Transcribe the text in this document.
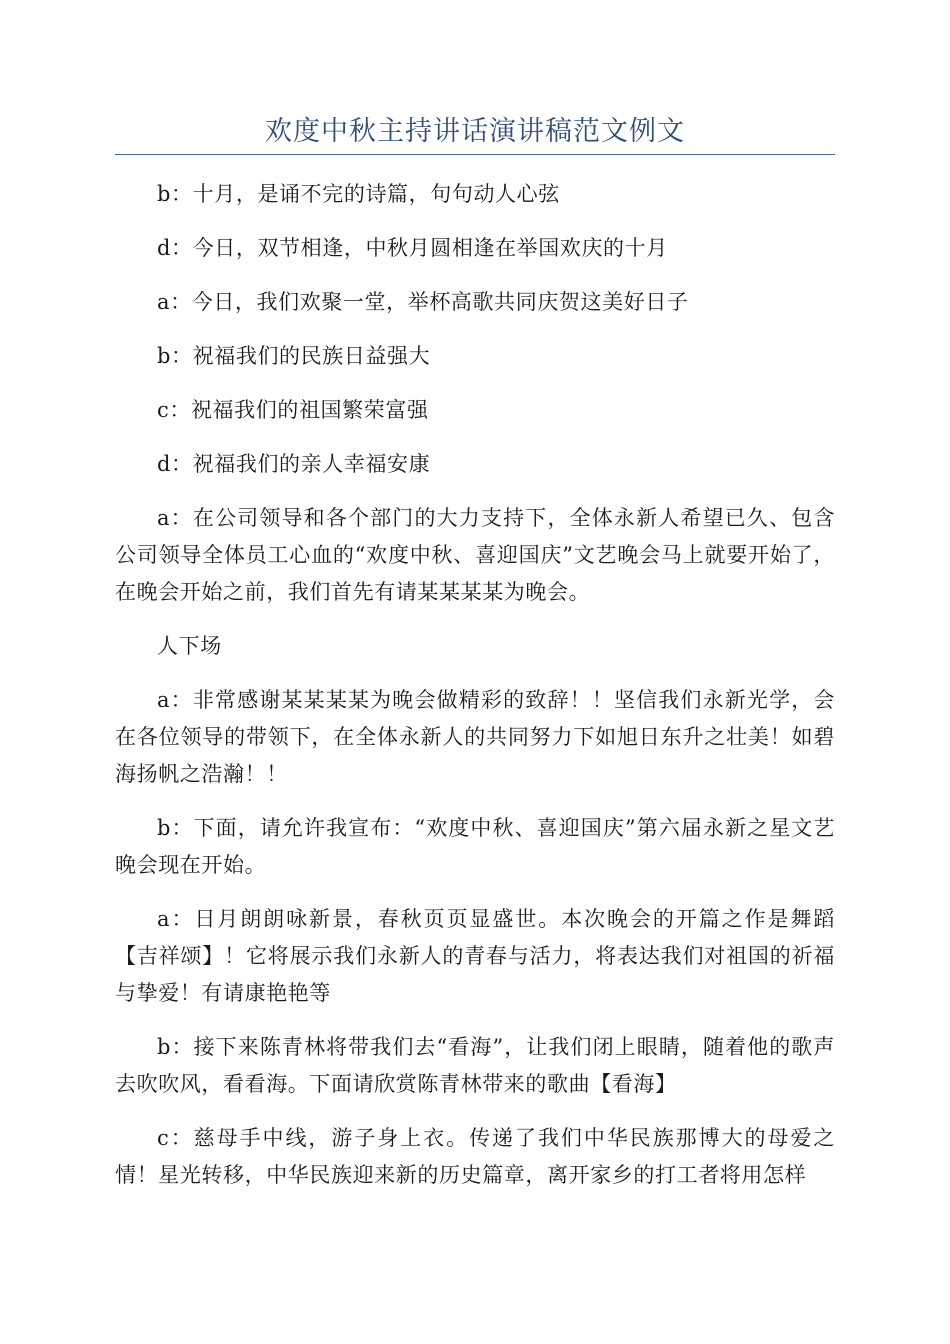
欢度中秋主持讲话演讲稿范文例文

b：十月，是诵不完的诗篇，句句动人心弦

d：今日，双节相逢，中秋月圆相逢在举国欢庆的十月

a：今日，我们欢聚一堂，举杯高歌共同庆贺这美好日子

b：祝福我们的民族日益强大

c：祝福我们的祖国繁荣富强

d：祝福我们的亲人幸福安康

a：在公司领导和各个部门的大力支持下，全体永新人希望已久、包含公司领导全体员工心血的“欢度中秋、喜迎国庆”文艺晚会马上就要开始了，在晚会开始之前，我们首先有请某某某某为晚会。

人下场

a：非常感谢某某某某为晚会做精彩的致辞！！坚信我们永新光学，会在各位领导的带领下，在全体永新人的共同努力下如旭日东升之壮美！如碧海扬帆之浩瀚！！

b：下面，请允许我宣布：“欢度中秋、喜迎国庆”第六届永新之星文艺晚会现在开始。

a：日月朗朗咏新景，春秋页页显盛世。本次晚会的开篇之作是舞蹈【吉祥颂】！它将展示我们永新人的青春与活力，将表达我们对祖国的祈福与挚爱！有请康艳艳等

b：接下来陈青林将带我们去“看海”，让我们闭上眼睛，随着他的歌声去吹吹风，看看海。下面请欣赏陈青林带来的歌曲【看海】

c：慈母手中线，游子身上衣。传递了我们中华民族那博大的母爱之情！星光转移，中华民族迎来新的历史篇章，离开家乡的打工者将用怎样
